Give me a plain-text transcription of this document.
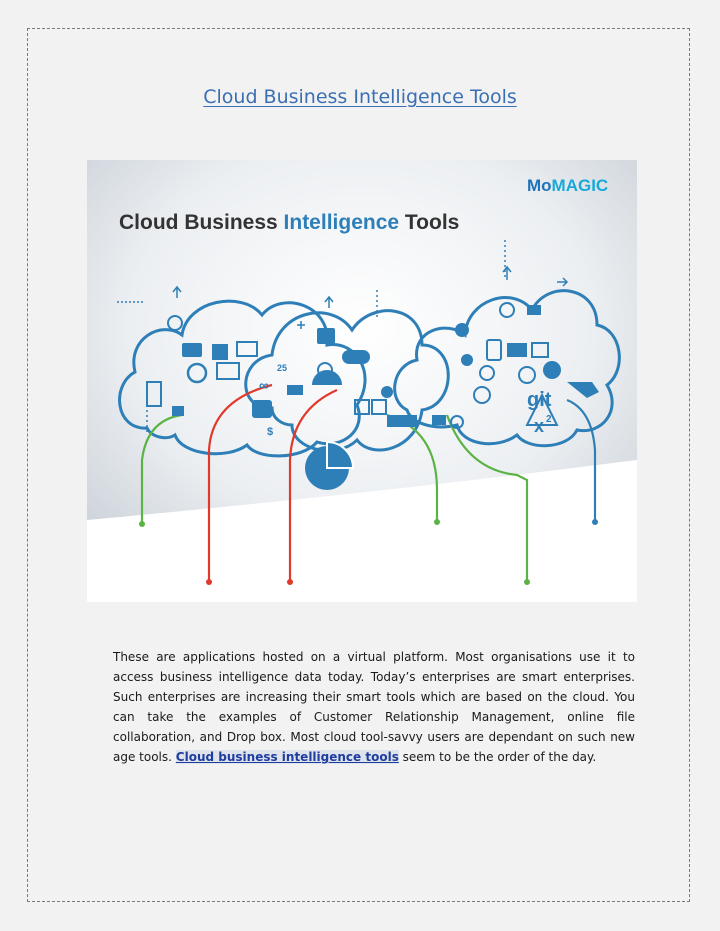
Cloud Business Intelligence Tools
MoMAGIC
Cloud Business Intelligence Tools
git
x 2
25
∞
$
These are applications hosted on a virtual platform. Most organisations use it to access business intelligence data today. Today’s enterprises are smart enterprises. Such enterprises are increasing their smart tools which are based on the cloud. You can take the examples of Customer Relationship Management, online file collaboration, and Drop box. Most cloud tool-savvy users are dependant on such new age tools. Cloud business intelligence tools seem to be the order of the day.
